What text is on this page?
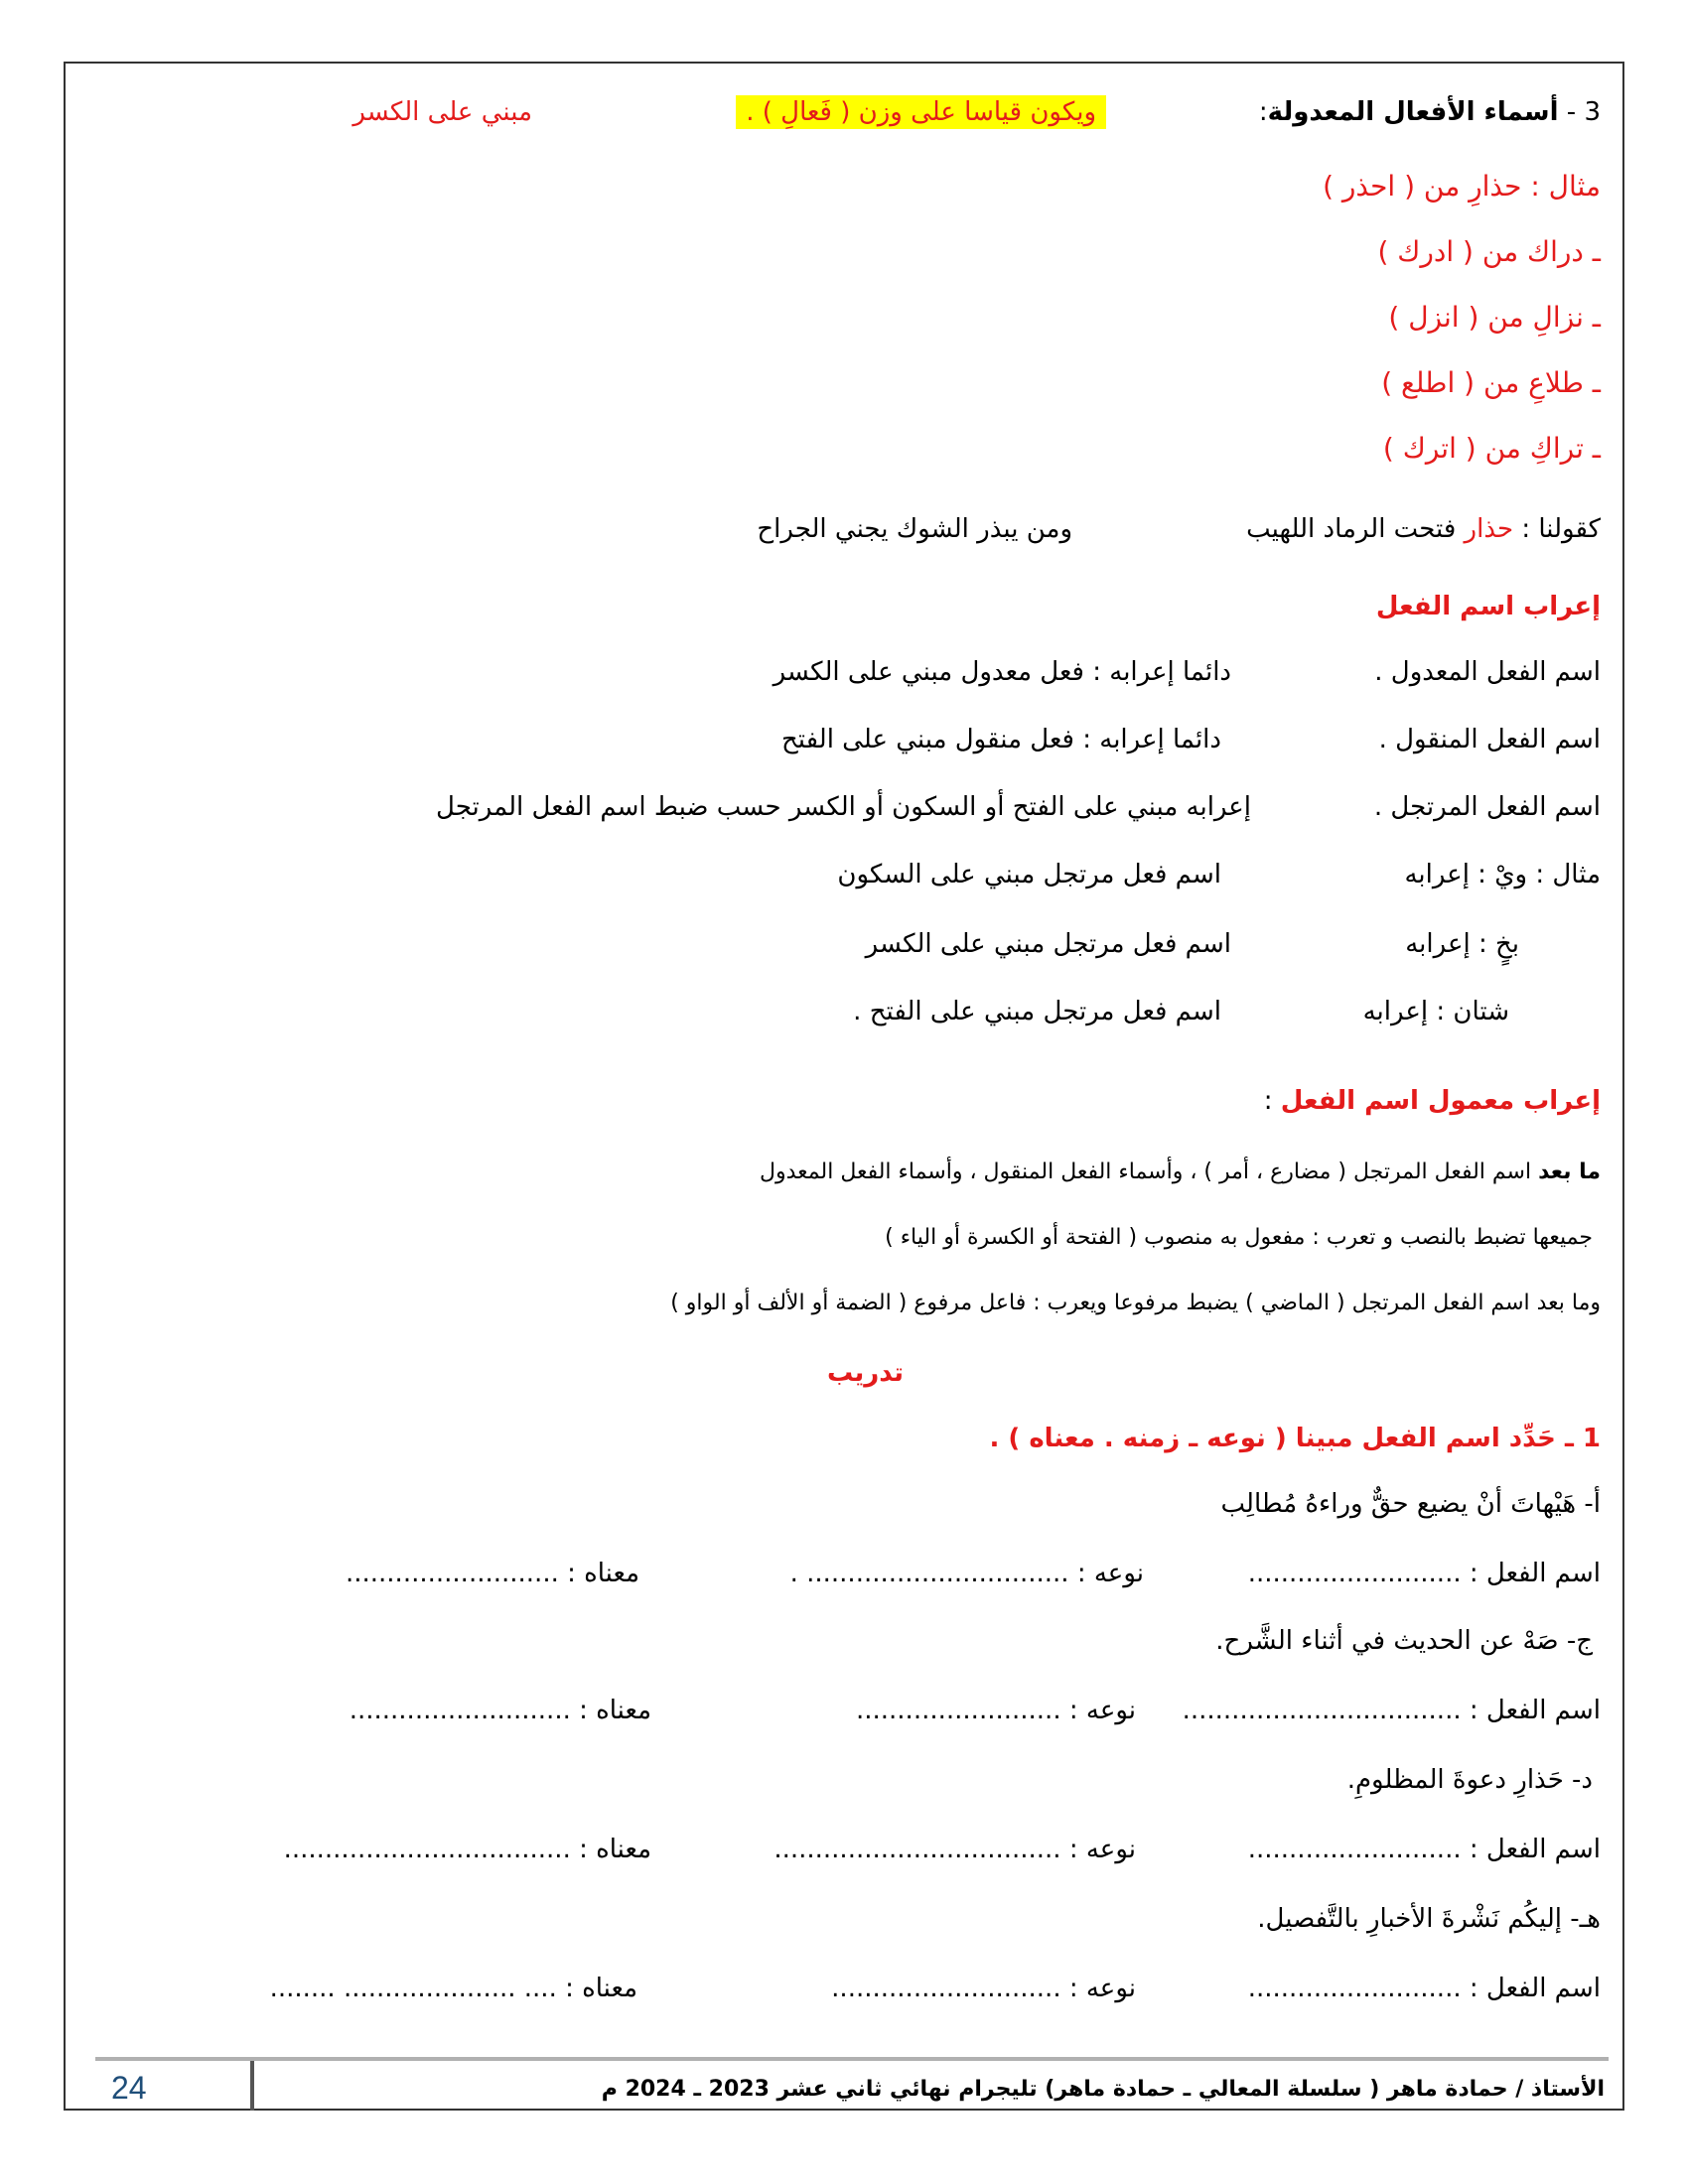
3 - أسماء الأفعال المعدولة:
ويكون قياسا على وزن ( فَعالِ ) .
مبني على الكسر
مثال : حذارِ من ( احذر )
ـ دراك من ( ادرك )
ـ نزالِ من ( انزل )
ـ طلاعِ من ( اطلع )
ـ تراكِ من ( اترك )
كقولنا : حذار فتحت الرماد اللهيب
ومن يبذر الشوك يجني الجراح
إعراب اسم الفعل
اسم الفعل المعدول .
دائما إعرابه : فعل معدول مبني على الكسر
اسم الفعل المنقول .
دائما إعرابه : فعل منقول مبني على الفتح
اسم الفعل المرتجل .
إعرابه مبني على الفتح أو السكون أو الكسر حسب ضبط اسم الفعل المرتجل
مثال : ويْ : إعرابه
اسم فعل مرتجل مبني على السكون
بخٍ : إعرابه
اسم فعل مرتجل مبني على الكسر
شتان : إعرابه
اسم فعل مرتجل مبني على الفتح .
إعراب معمول اسم الفعل :
ما بعد اسم الفعل المرتجل ( مضارع ، أمر ) ، وأسماء الفعل المنقول ، وأسماء الفعل المعدول
جميعها تضبط بالنصب و تعرب : مفعول به منصوب ( الفتحة أو الكسرة أو الياء )
وما بعد اسم الفعل المرتجل ( الماضي ) يضبط مرفوعا ويعرب : فاعل مرفوع ( الضمة أو الألف أو الواو )
تدريب
1 ـ حَدِّد اسم الفعل مبينا ( نوعه ـ زمنه . معناه ) .
أ- هَيْهاتَ أنْ يضيع حقٌّ وراءهُ مُطالِب
اسم الفعل : ..........................
نوعه : ................................ .
معناه : ..........................
ج- صَهْ عن الحديث في أثناء الشَّرح.
اسم الفعل : ..................................
نوعه : .........................
معناه : ...........................
د- حَذارِ دعوةَ المظلومِ.
اسم الفعل : ..........................
نوعه : ...................................
معناه : ...................................
هـ- إليكُم نَشْرةَ الأخبارِ بالتَّفصيل.
اسم الفعل : ..........................
نوعه : ............................
معناه : .... ..................... ........
الأستاذ / حمادة ماهر ( سلسلة المعالي ـ حمادة ماهر) تليجرام نهائي ثاني عشر 2023 ـ 2024 م
24
